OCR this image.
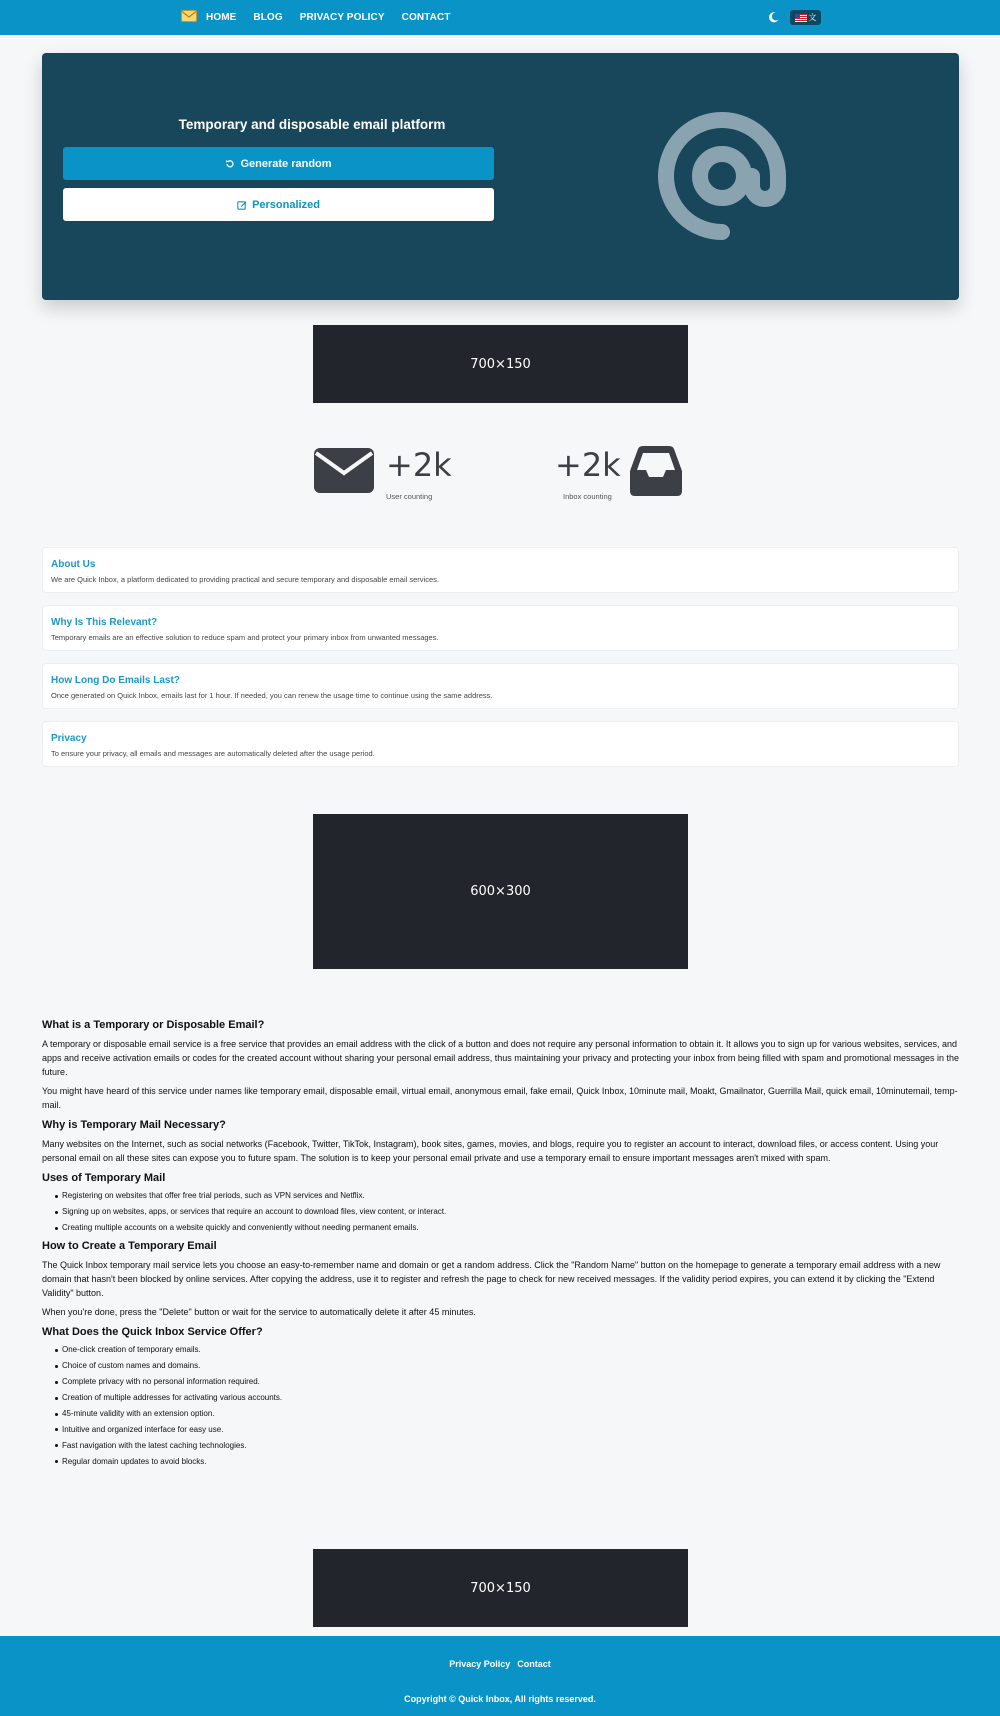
HOME BLOG PRIVACY POLICY CONTACT	文
Temporary and disposable email platform
Generate random
Personalized
700×150
+2k
User counting
+2k
Inbox counting
About Us
We are Quick Inbox, a platform dedicated to providing practical and secure temporary and disposable email services.
Why Is This Relevant?
Temporary emails are an effective solution to reduce spam and protect your primary inbox from unwanted messages.
How Long Do Emails Last?
Once generated on Quick Inbox, emails last for 1 hour. If needed, you can renew the usage time to continue using the same address.
Privacy
To ensure your privacy, all emails and messages are automatically deleted after the usage period.
600×300
What is a Temporary or Disposable Email?

A temporary or disposable email service is a free service that provides an email address with the click of a button and does not require any personal information to obtain it. It allows you to sign up for various websites, services, and apps and receive activation emails or codes for the created account without sharing your personal email address, thus maintaining your privacy and protecting your inbox from being filled with spam and promotional messages in the future.

You might have heard of this service under names like temporary email, disposable email, virtual email, anonymous email, fake email, Quick Inbox, 10minute mail, Moakt, Gmailnator, Guerrilla Mail, quick email, 10minutemail, temp-mail.

Why is Temporary Mail Necessary?

Many websites on the Internet, such as social networks (Facebook, Twitter, TikTok, Instagram), book sites, games, movies, and blogs, require you to register an account to interact, download files, or access content. Using your personal email on all these sites can expose you to future spam. The solution is to keep your personal email private and use a temporary email to ensure important messages aren't mixed with spam.

Uses of Temporary Mail
Registering on websites that offer free trial periods, such as VPN services and Netflix.
Signing up on websites, apps, or services that require an account to download files, view content, or interact.
Creating multiple accounts on a website quickly and conveniently without needing permanent emails.
How to Create a Temporary Email

The Quick Inbox temporary mail service lets you choose an easy-to-remember name and domain or get a random address. Click the "Random Name" button on the homepage to generate a temporary email address with a new domain that hasn't been blocked by online services. After copying the address, use it to register and refresh the page to check for new received messages. If the validity period expires, you can extend it by clicking the "Extend Validity" button.

When you're done, press the "Delete" button or wait for the service to automatically delete it after 45 minutes.

What Does the Quick Inbox Service Offer?
One-click creation of temporary emails.
Choice of custom names and domains.
Complete privacy with no personal information required.
Creation of multiple addresses for activating various accounts.
45-minute validity with an extension option.
Intuitive and organized interface for easy use.
Fast navigation with the latest caching technologies.
Regular domain updates to avoid blocks.
700×150
Privacy Policy Contact
Copyright © Quick Inbox, All rights reserved.
